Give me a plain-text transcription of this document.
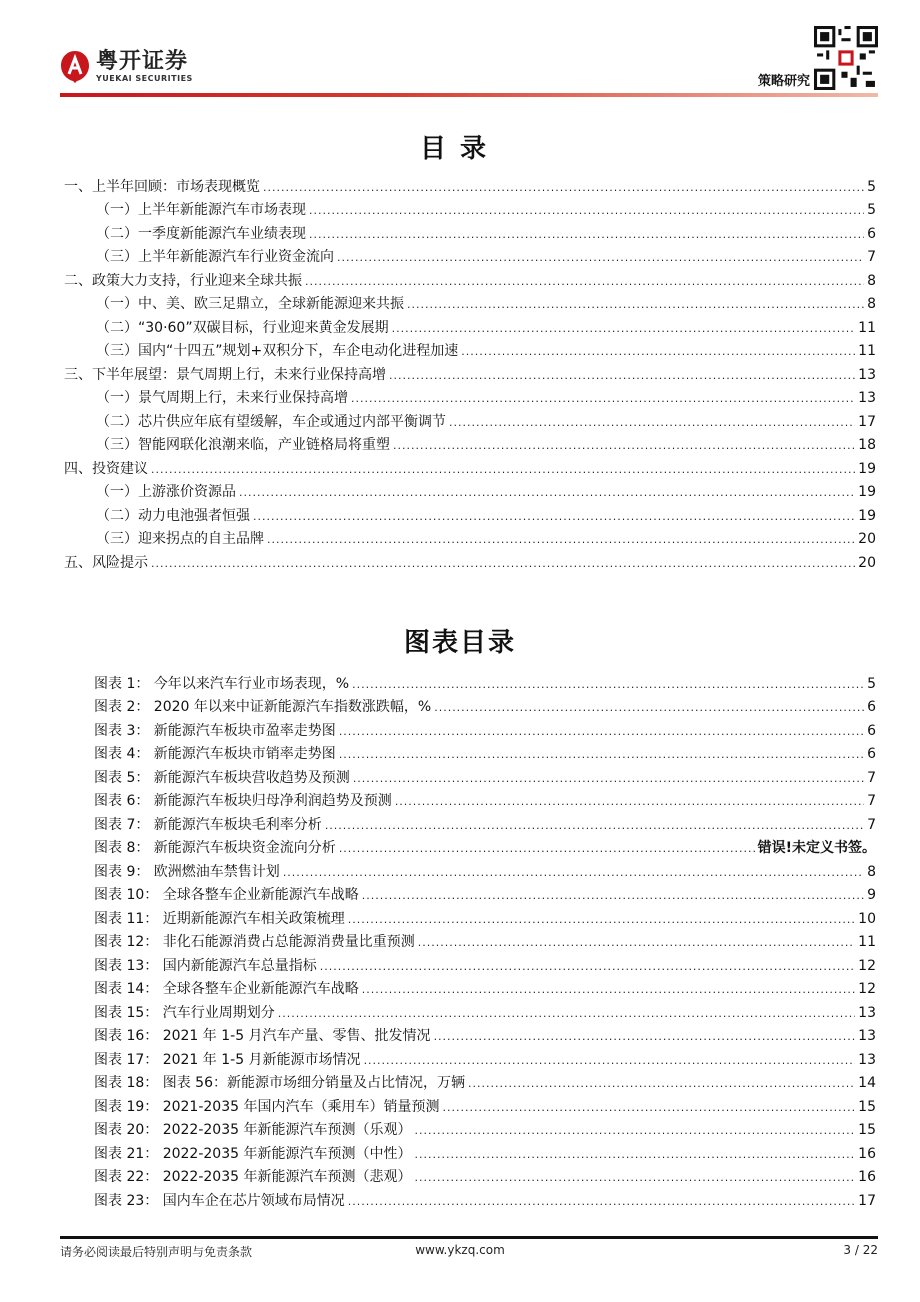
粤开证券
YUEKAI SECURITIES	策略研究
目录
一、上半年回顾：市场表现概览 .....	5
（一）上半年新能源汽车市场表现 .....	5
（二）一季度新能源汽车业绩表现 .....	6
（三）上半年新能源汽车行业资金流向 .....	7
二、政策大力支持，行业迎来全球共振 .....	8
（一）中、美、欧三足鼎立，全球新能源迎来共振 .....	8
（二）“30·60”双碳目标，行业迎来黄金发展期 .....	11
（三）国内“十四五”规划+双积分下，车企电动化进程加速 .....	11
三、下半年展望：景气周期上行，未来行业保持高增 .....	13
（一）景气周期上行，未来行业保持高增 .....	13
（二）芯片供应年底有望缓解，车企或通过内部平衡调节 .....	17
（三）智能网联化浪潮来临，产业链格局将重塑 .....	18
四、投资建议 .....	19
（一）上游涨价资源品 .....	19
（二）动力电池强者恒强 .....	19
（三）迎来拐点的自主品牌 .....	20
五、风险提示 .....	20
图表目录
图表 1： 今年以来汽车行业市场表现，% .....	5
图表 2： 2020 年以来中证新能源汽车指数涨跌幅，% .....	6
图表 3： 新能源汽车板块市盈率走势图 .....	6
图表 4： 新能源汽车板块市销率走势图 .....	6
图表 5： 新能源汽车板块营收趋势及预测 .....	7
图表 6： 新能源汽车板块归母净利润趋势及预测 .....	7
图表 7： 新能源汽车板块毛利率分析 .....	7
图表 8： 新能源汽车板块资金流向分析 .....	错误!未定义书签。
图表 9： 欧洲燃油车禁售计划 .....	8
图表 10： 全球各整车企业新能源汽车战略 .....	9
图表 11： 近期新能源汽车相关政策梳理 .....	10
图表 12： 非化石能源消费占总能源消费量比重预测 .....	11
图表 13： 国内新能源汽车总量指标 .....	12
图表 14： 全球各整车企业新能源汽车战略 .....	12
图表 15： 汽车行业周期划分 .....	13
图表 16： 2021 年 1-5 月汽车产量、零售、批发情况 .....	13
图表 17： 2021 年 1-5 月新能源市场情况 .....	13
图表 18： 图表 56：新能源市场细分销量及占比情况，万辆 .....	14
图表 19： 2021-2035 年国内汽车（乘用车）销量预测 .....	15
图表 20： 2022-2035 年新能源汽车预测（乐观） .....	15
图表 21： 2022-2035 年新能源汽车预测（中性） .....	16
图表 22： 2022-2035 年新能源汽车预测（悲观） .....	16
图表 23： 国内车企在芯片领域布局情况 .....	17
请务必阅读最后特别声明与免责条款	www.ykzq.com	3 / 22
